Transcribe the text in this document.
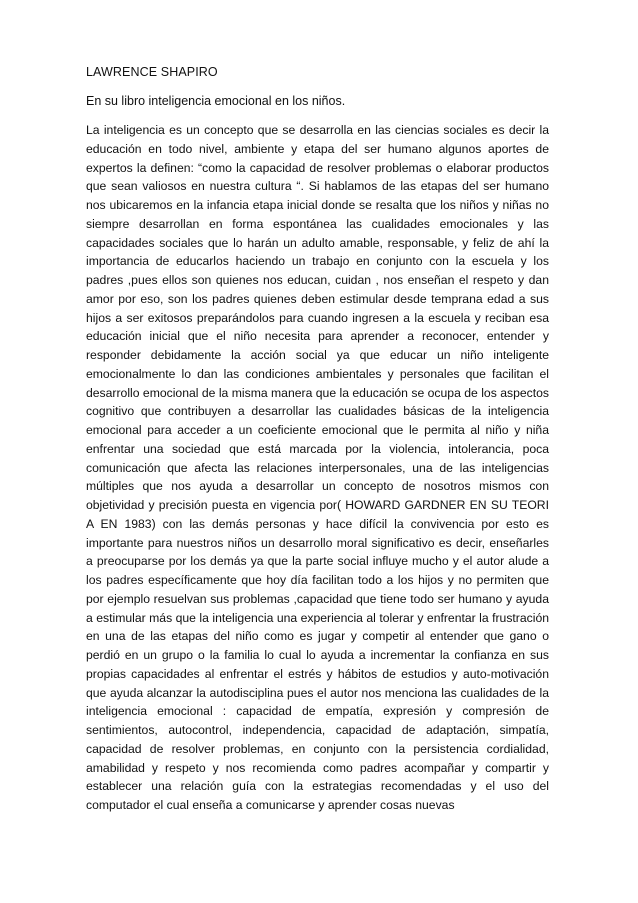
LAWRENCE SHAPIRO
En su libro inteligencia emocional en los niños.

La inteligencia es un concepto que se desarrolla en las ciencias sociales es decir la educación en todo nivel, ambiente y etapa del ser humano algunos aportes de expertos la definen: “como la capacidad de resolver problemas o elaborar productos que sean valiosos en nuestra cultura “. Si hablamos de las etapas del ser humano nos ubicaremos en la infancia etapa inicial donde se resalta que los niños y niñas no siempre desarrollan en forma espontánea las cualidades emocionales y las capacidades sociales que lo harán un adulto amable, responsable, y feliz de ahí la importancia de educarlos haciendo un trabajo en conjunto con la escuela y los padres ,pues ellos son quienes nos educan, cuidan , nos enseñan el respeto y dan amor por eso, son los padres quienes deben estimular desde temprana edad a sus hijos a ser exitosos preparándolos para cuando ingresen a la escuela y reciban esa educación inicial que el niño necesita para aprender a reconocer, entender y responder debidamente la acción social ya que educar un niño inteligente emocionalmente lo dan las condiciones ambientales y personales que facilitan el desarrollo emocional de la misma manera que la educación se ocupa de los aspectos cognitivo que contribuyen a desarrollar las cualidades básicas de la inteligencia emocional para acceder a un coeficiente emocional que le permita al niño y niña enfrentar una sociedad que está marcada por la violencia, intolerancia, poca comunicación que afecta las relaciones interpersonales, una de las inteligencias múltiples que nos ayuda a desarrollar un concepto de nosotros mismos con objetividad y precisión puesta en vigencia por( HOWARD GARDNER EN SU TEORI A EN 1983) con las demás personas y hace difícil la convivencia por esto es importante para nuestros niños un desarrollo moral significativo es decir, enseñarles a preocuparse por los demás ya que la parte social influye mucho y el autor alude a los padres específicamente que hoy día facilitan todo a los hijos y no permiten que por ejemplo resuelvan sus problemas ,capacidad que tiene todo ser humano y ayuda a estimular más que la inteligencia una experiencia al tolerar y enfrentar la frustración en una de las etapas del niño como es jugar y competir al entender que gano o perdió en un grupo o la familia lo cual lo ayuda a incrementar la confianza en sus propias capacidades al enfrentar el estrés y hábitos de estudios y auto-motivación que ayuda alcanzar la autodisciplina pues el autor nos menciona las cualidades de la inteligencia emocional : capacidad de empatía, expresión y compresión de sentimientos, autocontrol, independencia, capacidad de adaptación, simpatía, capacidad de resolver problemas, en conjunto con la persistencia cordialidad, amabilidad y respeto y nos recomienda como padres acompañar y compartir y establecer una relación guía con la estrategias recomendadas y el uso del computador el cual enseña a comunicarse y aprender cosas nuevas
